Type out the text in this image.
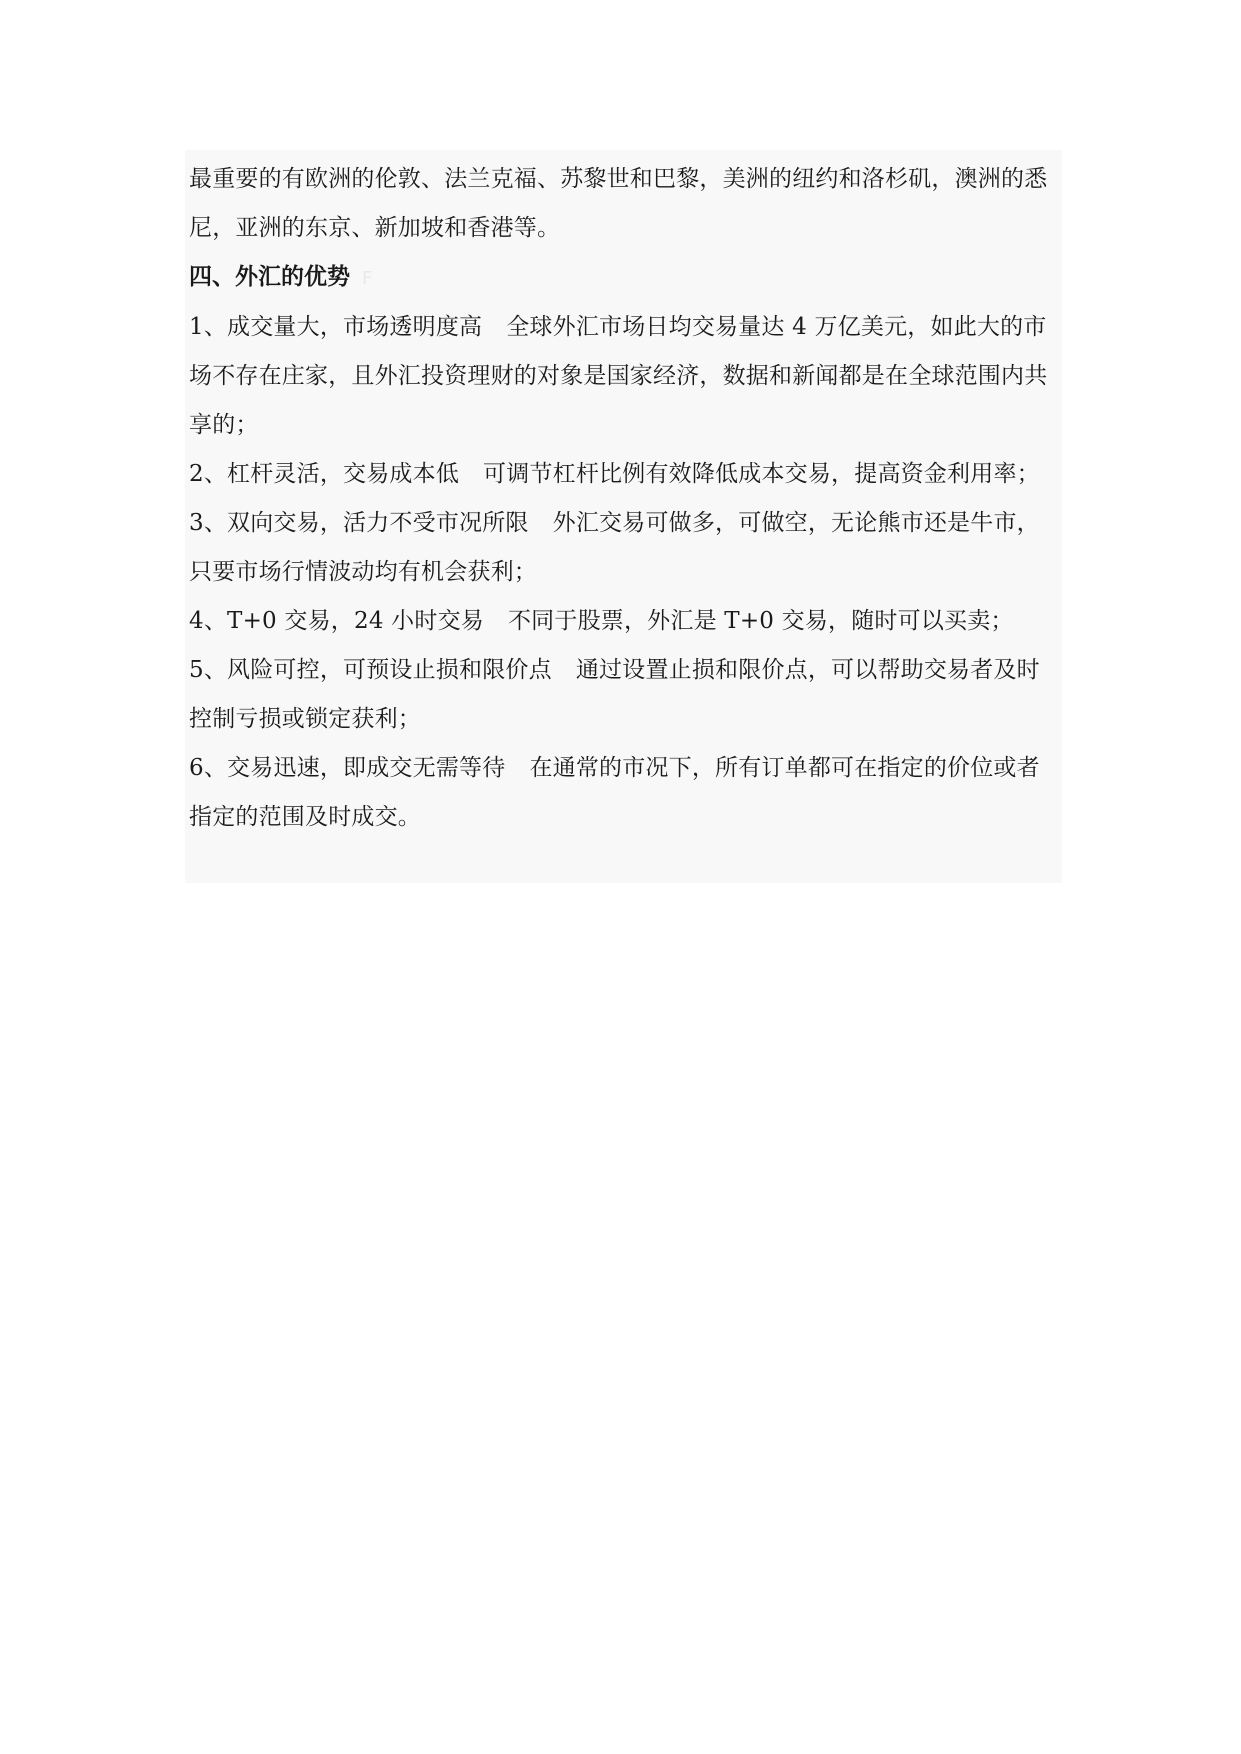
最重要的有欧洲的伦敦、法兰克福、苏黎世和巴黎，美洲的纽约和洛杉矶，澳洲的悉尼，亚洲的东京、新加坡和香港等。

四、外汇的优势 F

1、成交量大，市场透明度高 全球外汇市场日均交易量达 4 万亿美元，如此大的市场不存在庄家，且外汇投资理财的对象是国家经济，数据和新闻都是在全球范围内共享的；

2、杠杆灵活，交易成本低 可调节杠杆比例有效降低成本交易，提高资金利用率；

3、双向交易，活力不受市况所限 外汇交易可做多，可做空，无论熊市还是牛市，只要市场行情波动均有机会获利；

4、T+0 交易，24 小时交易 不同于股票，外汇是 T+0 交易，随时可以买卖；

5、风险可控，可预设止损和限价点 通过设置止损和限价点，可以帮助交易者及时控制亏损或锁定获利；

6、交易迅速，即成交无需等待 在通常的市况下，所有订单都可在指定的价位或者指定的范围及时成交。
